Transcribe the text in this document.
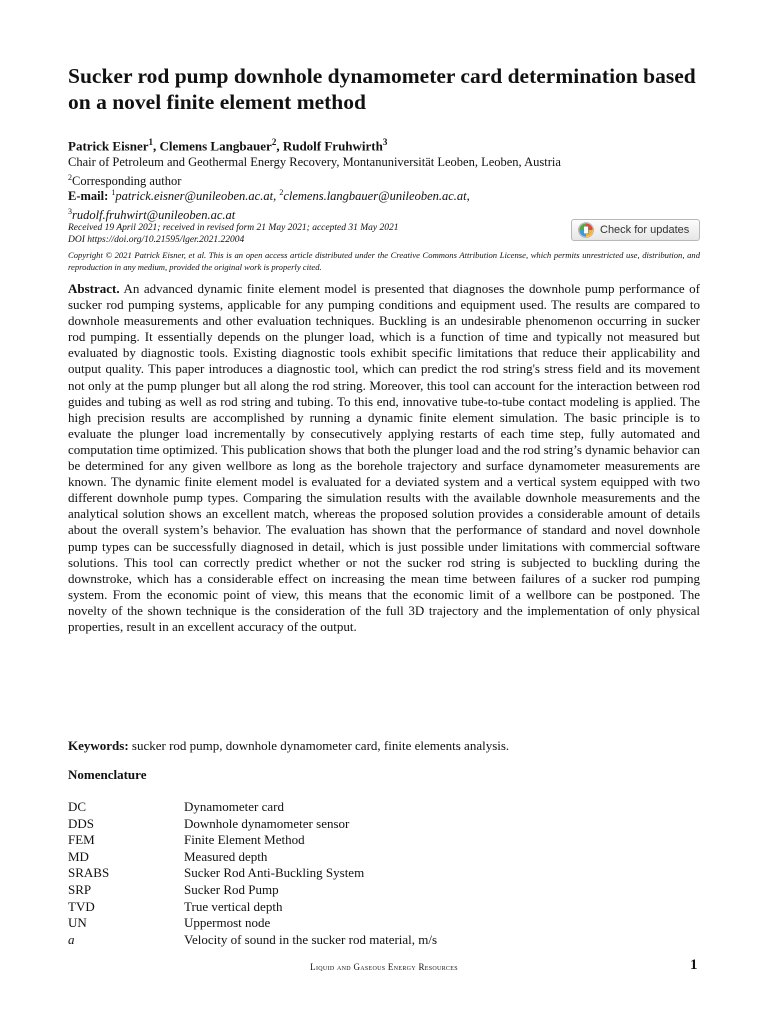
Sucker rod pump downhole dynamometer card determination based on a novel finite element method
Patrick Eisner$^1$, Clemens Langbauer$^2$, Rudolf Fruhwirth$^3$
Chair of Petroleum and Geothermal Energy Recovery, Montanuniversität Leoben, Leoben, Austria
$^2$Corresponding author
E-mail: $^1$patrick.eisner@unileoben.ac.at, $^2$clemens.langbauer@unileoben.ac.at,
$^3$rudolf.fruhwirt@unileoben.ac.at
Received 19 April 2021; received in revised form 21 May 2021; accepted 31 May 2021
DOI https://doi.org/10.21595/lger.2021.22004
Check for updates
Copyright © 2021 Patrick Eisner, et al. This is an open access article distributed under the Creative Commons Attribution License, which permits unrestricted use, distribution, and reproduction in any medium, provided the original work is properly cited.

Abstract. An advanced dynamic finite element model is presented that diagnoses the downhole pump performance of sucker rod pumping systems, applicable for any pumping conditions and equipment used. The results are compared to downhole measurements and other evaluation techniques. Buckling is an undesirable phenomenon occurring in sucker rod pumping. It essentially depends on the plunger load, which is a function of time and typically not measured but evaluated by diagnostic tools. Existing diagnostic tools exhibit specific limitations that reduce their applicability and output quality. This paper introduces a diagnostic tool, which can predict the rod string's stress field and its movement not only at the pump plunger but all along the rod string. Moreover, this tool can account for the interaction between rod guides and tubing as well as rod string and tubing. To this end, innovative tube-to-tube contact modeling is applied. The high precision results are accomplished by running a dynamic finite element simulation. The basic principle is to evaluate the plunger load incrementally by consecutively applying restarts of each time step, fully automated and computation time optimized. This publication shows that both the plunger load and the rod string’s dynamic behavior can be determined for any given wellbore as long as the borehole trajectory and surface dynamometer measurements are known. The dynamic finite element model is evaluated for a deviated system and a vertical system equipped with two different downhole pump types. Comparing the simulation results with the available downhole measurements and the analytical solution shows an excellent match, whereas the proposed solution provides a considerable amount of details about the overall system’s behavior. The evaluation has shown that the performance of standard and novel downhole pump types can be successfully diagnosed in detail, which is just possible under limitations with commercial software solutions. This tool can correctly predict whether or not the sucker rod string is subjected to buckling during the downstroke, which has a considerable effect on increasing the mean time between failures of a sucker rod pumping system. From the economic point of view, this means that the economic limit of a wellbore can be postponed. The novelty of the shown technique is the consideration of the full 3D trajectory and the implementation of only physical properties, result in an excellent accuracy of the output.

Keywords: sucker rod pump, downhole dynamometer card, finite elements analysis.
Nomenclature
DC	Dynamometer card
DDS	Downhole dynamometer sensor
FEM	Finite Element Method
MD	Measured depth
SRABS	Sucker Rod Anti-Buckling System
SRP	Sucker Rod Pump
TVD	True vertical depth
UN	Uppermost node
a	Velocity of sound in the sucker rod material, m/s
Liquid and Gaseous Energy Resources	1
